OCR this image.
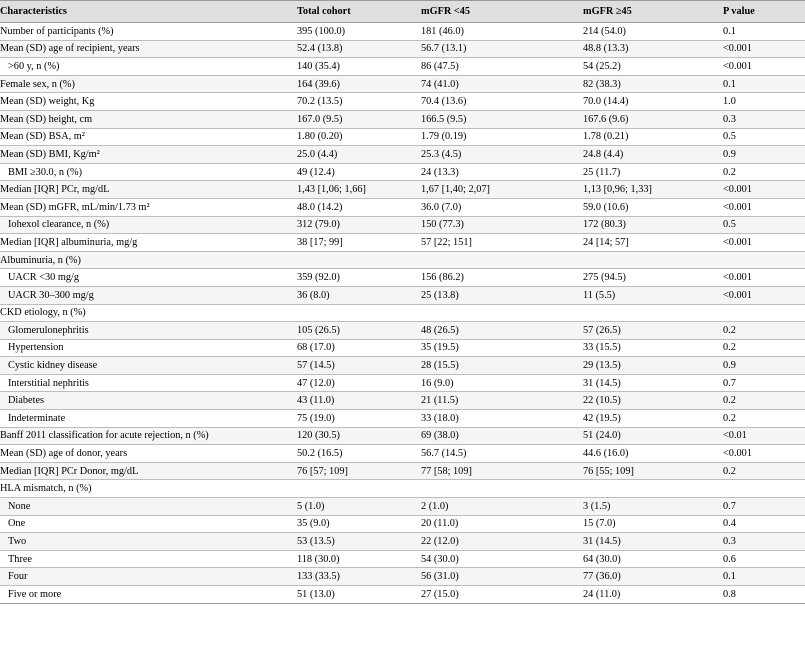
Characteristics	Total cohort	mGFR <45	mGFR ≥45	P value
Number of participants (%)	395 (100.0)	181 (46.0)	214 (54.0)	0.1
Mean (SD) age of recipient, years	52.4 (13.8)	56.7 (13.1)	48.8 (13.3)	<0.001
>60 y, n (%)	140 (35.4)	86 (47.5)	54 (25.2)	<0.001
Female sex, n (%)	164 (39.6)	74 (41.0)	82 (38.3)	0.1
Mean (SD) weight, Kg	70.2 (13.5)	70.4 (13.6)	70.0 (14.4)	1.0
Mean (SD) height, cm	167.0 (9.5)	166.5 (9.5)	167.6 (9.6)	0.3
Mean (SD) BSA, m²	1.80 (0.20)	1.79 (0.19)	1.78 (0.21)	0.5
Mean (SD) BMI, Kg/m²	25.0 (4.4)	25.3 (4.5)	24.8 (4.4)	0.9
BMI ≥30.0, n (%)	49 (12.4)	24 (13.3)	25 (11.7)	0.2
Median [IQR] PCr, mg/dL	1,43 [1,06; 1,66]	1,67 [1,40; 2,07]	1,13 [0,96; 1,33]	<0.001
Mean (SD) mGFR, mL/min/1.73 m²	48.0 (14.2)	36.0 (7.0)	59.0 (10.6)	<0.001
Iohexol clearance, n (%)	312 (79.0)	150 (77.3)	172 (80.3)	0.5
Median [IQR] albuminuria, mg/g	38 [17; 99]	57 [22; 151]	24 [14; 57]	<0.001
Albuminuria, n (%)				
UACR <30 mg/g	359 (92.0)	156 (86.2)	275 (94.5)	<0.001
UACR 30–300 mg/g	36 (8.0)	25 (13.8)	11 (5.5)	<0.001
CKD etiology, n (%)				
Glomerulonephritis	105 (26.5)	48 (26.5)	57 (26.5)	0.2
Hypertension	68 (17.0)	35 (19.5)	33 (15.5)	0.2
Cystic kidney disease	57 (14.5)	28 (15.5)	29 (13.5)	0.9
Interstitial nephritis	47 (12.0)	16 (9.0)	31 (14.5)	0.7
Diabetes	43 (11.0)	21 (11.5)	22 (10.5)	0.2
Indeterminate	75 (19.0)	33 (18.0)	42 (19.5)	0.2
Banff 2011 classification for acute rejection, n (%)	120 (30.5)	69 (38.0)	51 (24.0)	<0.01
Mean (SD) age of donor, years	50.2 (16.5)	56.7 (14.5)	44.6 (16.0)	<0.001
Median [IQR] PCr Donor, mg/dL	76 [57; 109]	77 [58; 109]	76 [55; 109]	0.2
HLA mismatch, n (%)				
None	5 (1.0)	2 (1.0)	3 (1.5)	0.7
One	35 (9.0)	20 (11.0)	15 (7.0)	0.4
Two	53 (13.5)	22 (12.0)	31 (14.5)	0.3
Three	118 (30.0)	54 (30.0)	64 (30.0)	0.6
Four	133 (33.5)	56 (31.0)	77 (36.0)	0.1
Five or more	51 (13.0)	27 (15.0)	24 (11.0)	0.8
